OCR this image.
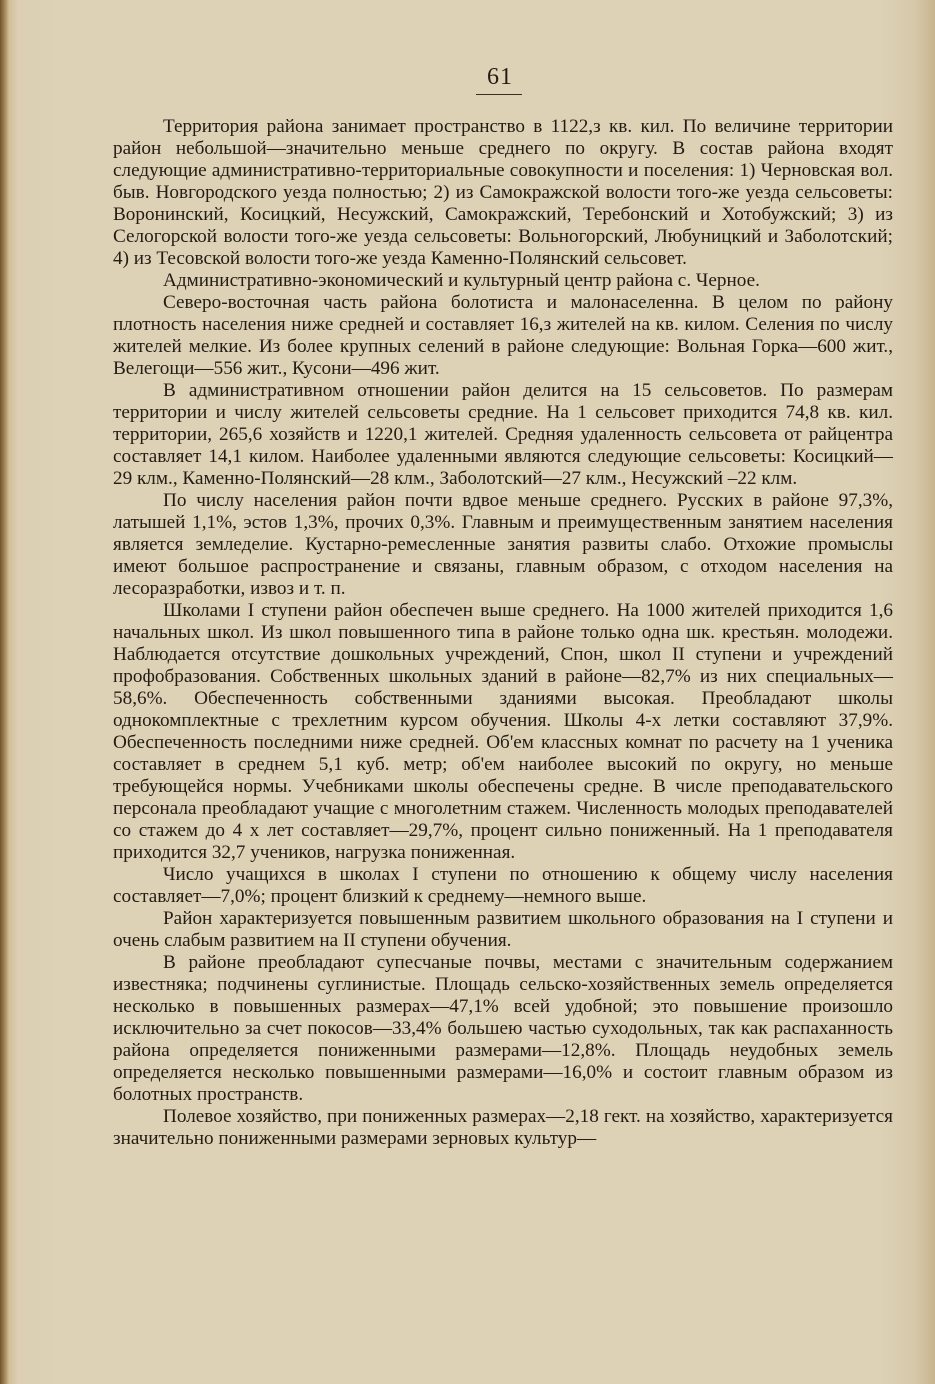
61

Территория района занимает пространство в 1122,з кв. кил. По величине территории район небольшой—значительно меньше среднего по округу. В состав района входят следующие административно-территориальные совокупности и поселения: 1) Черновская вол. быв. Новгородского уезда полностью; 2) из Самокражской волости того-же уезда сельсоветы: Воронинский, Косицкий, Несужский, Самокражский, Теребонский и Хотобужский; 3) из Селогорской волости того-же уезда сельсоветы: Вольногорский, Любуницкий и Заболотский; 4) из Тесовской волости того-же уезда Каменно-Полянский сельсовет.

Административно-экономический и культурный центр района с. Черное.

Северо-восточная часть района болотиста и малонаселенна. В целом по району плотность населения ниже средней и составляет 16,з жителей на кв. килом. Селения по числу жителей мелкие. Из более крупных селений в районе следующие: Вольная Горка—600 жит., Велегощи—556 жит., Кусони—496 жит.

В административном отношении район делится на 15 сельсоветов. По размерам территории и числу жителей сельсоветы средние. На 1 сельсовет приходится 74,8 кв. кил. территории, 265,6 хозяйств и 1220,1 жителей. Средняя удаленность сельсовета от райцентра составляет 14,1 килом. Наиболее удаленными являются следующие сельсоветы: Косицкий—29 клм., Каменно-Полянский—28 клм., Заболотский—27 клм., Несужский –22 клм.

По числу населения район почти вдвое меньше среднего. Русских в районе 97,3%, латышей 1,1%, эстов 1,3%, прочих 0,3%. Главным и преимущественным занятием населения является земледелие. Кустарно-ремесленные занятия развиты слабо. Отхожие промыслы имеют большое распространение и связаны, главным образом, с отходом населения на лесоразработки, извоз и т. п.

Школами I ступени район обеспечен выше среднего. На 1000 жителей приходится 1,6 начальных школ. Из школ повышенного типа в районе только одна шк. крестьян. молодежи. Наблюдается отсутствие дошкольных учреждений, Спон, школ II ступени и учреждений профобразования. Собственных школьных зданий в районе—82,7% из них специальных—58,6%. Обеспеченность собственными зданиями высокая. Преобладают школы однокомплектные с трехлетним курсом обучения. Школы 4-х летки составляют 37,9%. Обеспеченность последними ниже средней. Об'ем классных комнат по расчету на 1 ученика составляет в среднем 5,1 куб. метр; об'ем наиболее высокий по округу, но меньше требующейся нормы. Учебниками школы обеспечены средне. В числе преподавательского персонала преобладают учащие с многолетним стажем. Численность молодых преподавателей со стажем до 4 х лет составляет—29,7%, процент сильно пониженный. На 1 преподавателя приходится 32,7 учеников, нагрузка пониженная.

Число учащихся в школах I ступени по отношению к общему числу населения составляет—7,0%; процент близкий к среднему—немного выше.

Район характеризуется повышенным развитием школьного образования на I ступени и очень слабым развитием на II ступени обучения.

В районе преобладают супесчаные почвы, местами с значительным содержанием известняка; подчинены суглинистые. Площадь сельско-хозяйственных земель определяется несколько в повышенных размерах—47,1% всей удобной; это повышение произошло исключительно за счет покосов—33,4% большею частью суходольных, так как распаханность района определяется пониженными размерами—12,8%. Площадь неудобных земель определяется несколько повышенными размерами—16,0% и состоит главным образом из болотных пространств.

Полевое хозяйство, при пониженных размерах—2,18 гект. на хозяйство, характеризуется значительно пониженными размерами зерновых культур—
